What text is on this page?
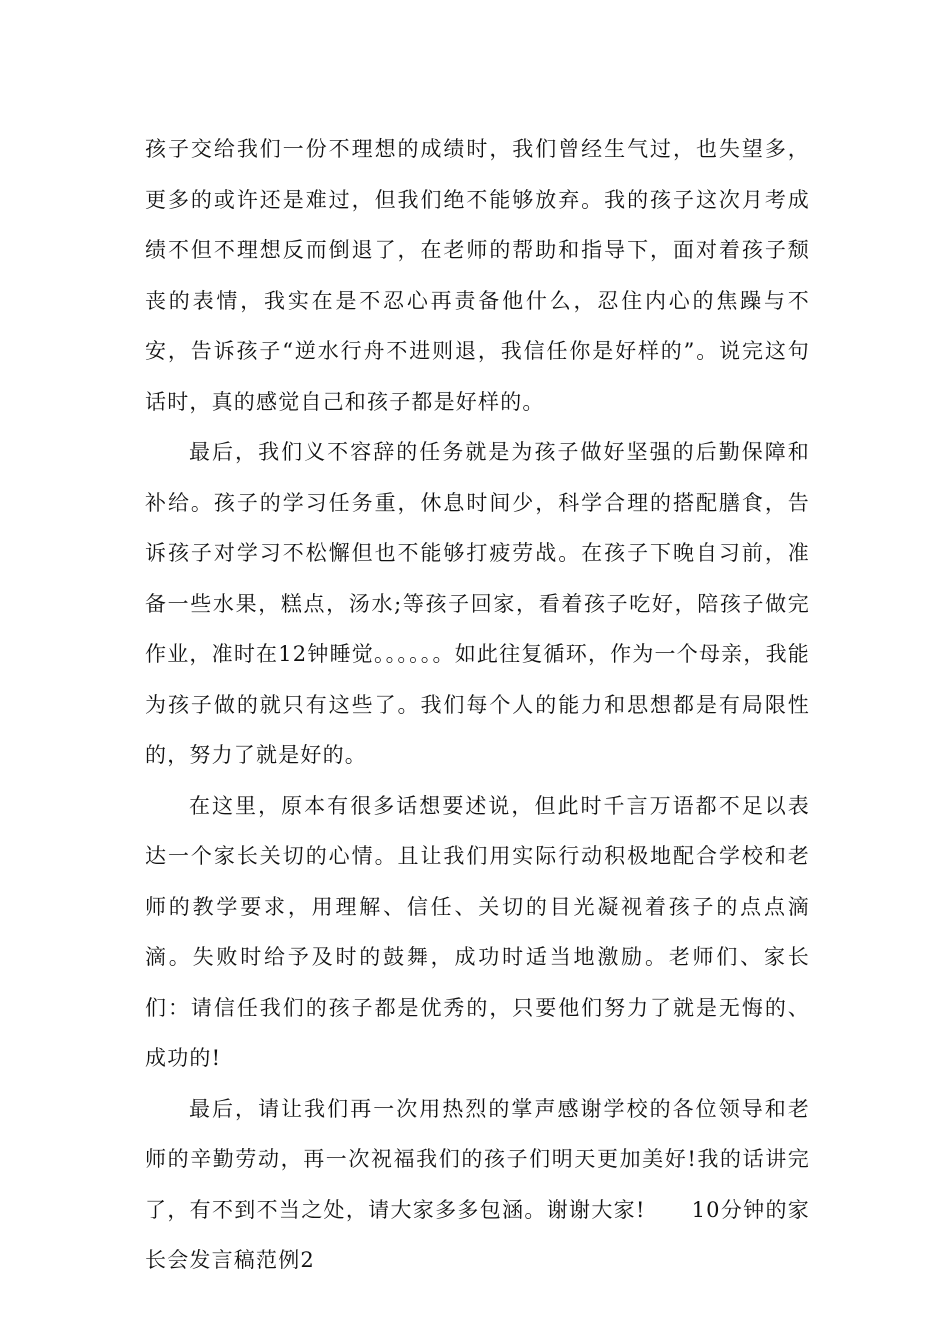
孩子交给我们一份不理想的成绩时，我们曾经生气过，也失望多，更多的或许还是难过，但我们绝不能够放弃。我的孩子这次月考成绩不但不理想反而倒退了，在老师的帮助和指导下，面对着孩子颓丧的表情，我实在是不忍心再责备他什么，忍住内心的焦躁与不安，告诉孩子“逆水行舟不进则退，我信任你是好样的”。说完这句话时，真的感觉自己和孩子都是好样的。

最后，我们义不容辞的任务就是为孩子做好坚强的后勤保障和补给。孩子的学习任务重，休息时间少，科学合理的搭配膳食，告诉孩子对学习不松懈但也不能够打疲劳战。在孩子下晚自习前，准备一些水果，糕点，汤水;等孩子回家，看着孩子吃好，陪孩子做完作业，准时在12钟睡觉。。。。。。如此往复循环，作为一个母亲，我能为孩子做的就只有这些了。我们每个人的能力和思想都是有局限性的，努力了就是好的。

在这里，原本有很多话想要述说，但此时千言万语都不足以表达一个家长关切的心情。且让我们用实际行动积极地配合学校和老师的教学要求，用理解、信任、关切的目光凝视着孩子的点点滴滴。失败时给予及时的鼓舞，成功时适当地激励。老师们、家长们：请信任我们的孩子都是优秀的，只要他们努力了就是无悔的、成功的!

最后，请让我们再一次用热烈的掌声感谢学校的各位领导和老师的辛勤劳动，再一次祝福我们的孩子们明天更加美好!我的话讲完了，有不到不当之处，请大家多多包涵。谢谢大家! 10分钟的家长会发言稿范例2
